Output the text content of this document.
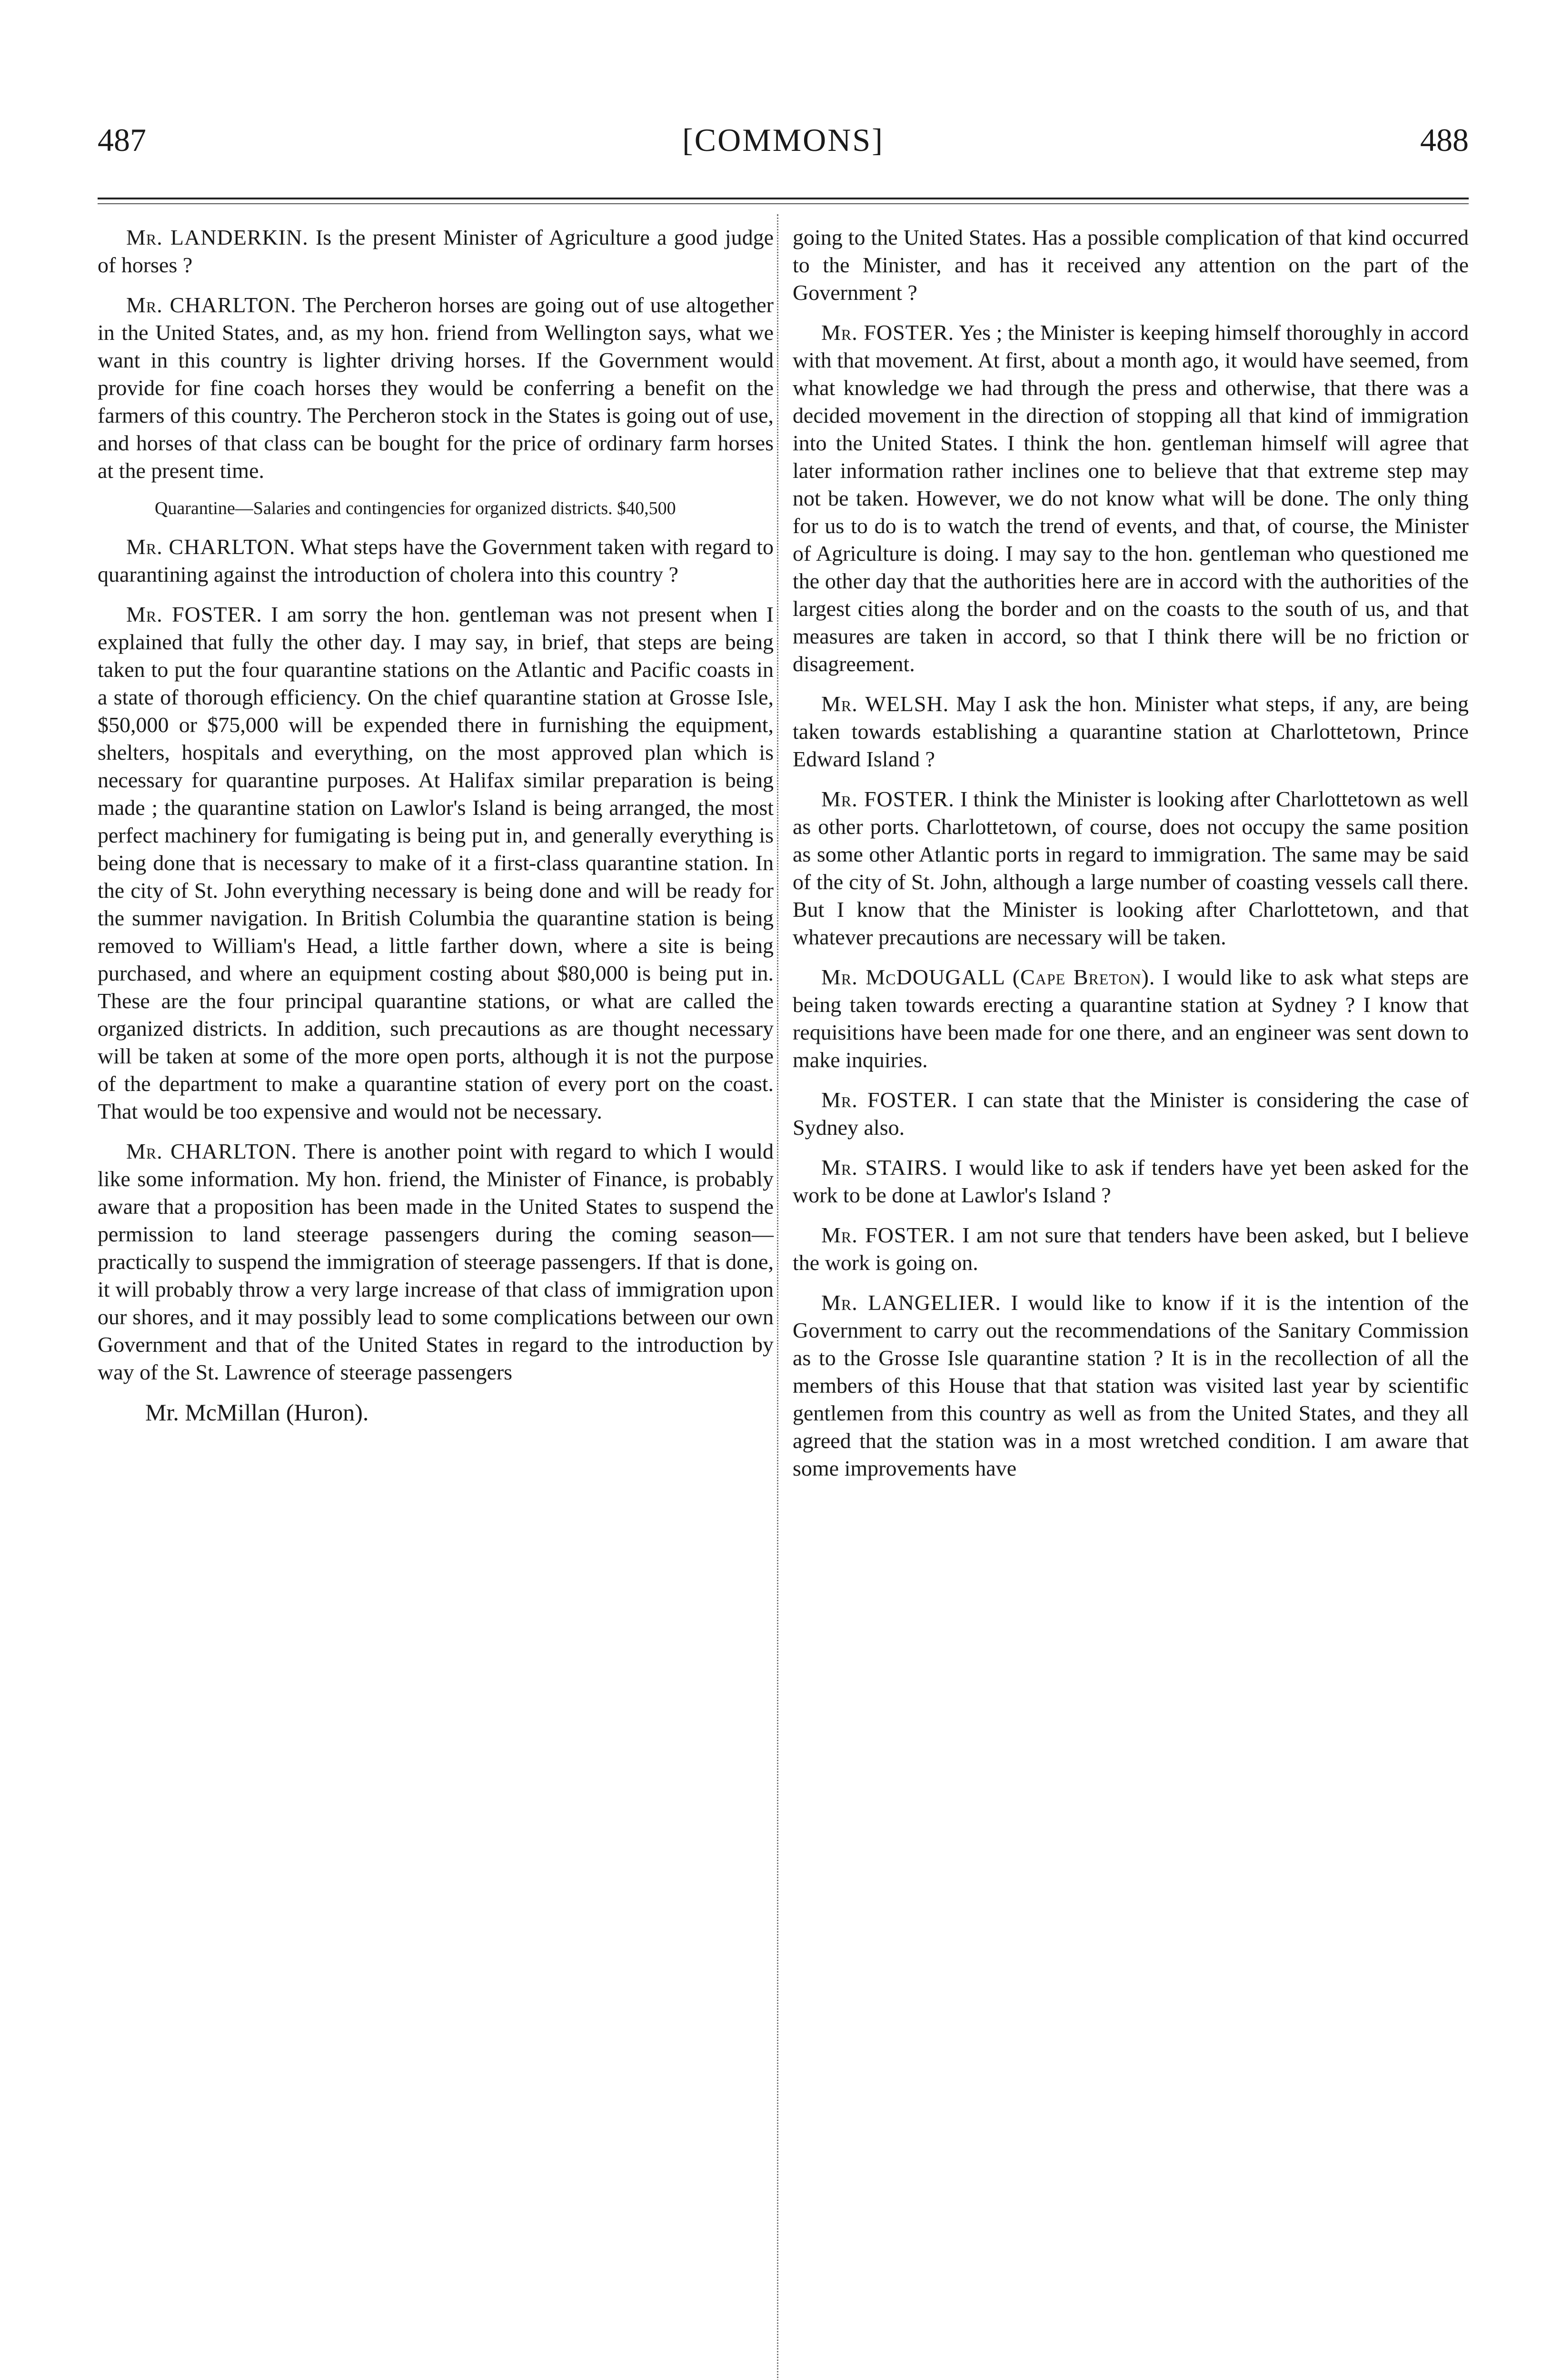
487	[COMMONS]	488

Mr. LANDERKIN. Is the present Minister of Agriculture a good judge of horses ?

Mr. CHARLTON. The Percheron horses are going out of use altogether in the United States, and, as my hon. friend from Wellington says, what we want in this country is lighter driving horses. If the Government would provide for fine coach horses they would be conferring a benefit on the farmers of this country. The Percheron stock in the States is going out of use, and horses of that class can be bought for the price of ordinary farm horses at the present time.

Quarantine—Salaries and contingencies for organized districts. $40,500

Mr. CHARLTON. What steps have the Government taken with regard to quarantining against the introduction of cholera into this country ?

Mr. FOSTER. I am sorry the hon. gentleman was not present when I explained that fully the other day. I may say, in brief, that steps are being taken to put the four quarantine stations on the Atlantic and Pacific coasts in a state of thorough efficiency. On the chief quarantine station at Grosse Isle, $50,000 or $75,000 will be expended there in furnishing the equipment, shelters, hospitals and everything, on the most approved plan which is necessary for quarantine purposes. At Halifax similar preparation is being made ; the quarantine station on Lawlor's Island is being arranged, the most perfect machinery for fumigating is being put in, and generally everything is being done that is necessary to make of it a first-class quarantine station. In the city of St. John everything necessary is being done and will be ready for the summer navigation. In British Columbia the quarantine station is being removed to William's Head, a little farther down, where a site is being purchased, and where an equipment costing about $80,000 is being put in. These are the four principal quarantine stations, or what are called the organized districts. In addition, such precautions as are thought necessary will be taken at some of the more open ports, although it is not the purpose of the department to make a quarantine station of every port on the coast. That would be too expensive and would not be necessary.

Mr. CHARLTON. There is another point with regard to which I would like some information. My hon. friend, the Minister of Finance, is probably aware that a proposition has been made in the United States to suspend the permission to land steerage passengers during the coming season—practically to suspend the immigration of steerage passengers. If that is done, it will probably throw a very large increase of that class of immigration upon our shores, and it may possibly lead to some complications between our own Government and that of the United States in regard to the introduction by way of the St. Lawrence of steerage passengers

Mr. McMillan (Huron).

going to the United States. Has a possible complication of that kind occurred to the Minister, and has it received any attention on the part of the Government ?

Mr. FOSTER. Yes ; the Minister is keeping himself thoroughly in accord with that movement. At first, about a month ago, it would have seemed, from what knowledge we had through the press and otherwise, that there was a decided movement in the direction of stopping all that kind of immigration into the United States. I think the hon. gentleman himself will agree that later information rather inclines one to believe that that extreme step may not be taken. However, we do not know what will be done. The only thing for us to do is to watch the trend of events, and that, of course, the Minister of Agriculture is doing. I may say to the hon. gentleman who questioned me the other day that the authorities here are in accord with the authorities of the largest cities along the border and on the coasts to the south of us, and that measures are taken in accord, so that I think there will be no friction or disagreement.

Mr. WELSH. May I ask the hon. Minister what steps, if any, are being taken towards establishing a quarantine station at Charlottetown, Prince Edward Island ?

Mr. FOSTER. I think the Minister is looking after Charlottetown as well as other ports. Charlottetown, of course, does not occupy the same position as some other Atlantic ports in regard to immigration. The same may be said of the city of St. John, although a large number of coasting vessels call there. But I know that the Minister is looking after Charlottetown, and that whatever precautions are necessary will be taken.

Mr. McDOUGALL (Cape Breton). I would like to ask what steps are being taken towards erecting a quarantine station at Sydney ? I know that requisitions have been made for one there, and an engineer was sent down to make inquiries.

Mr. FOSTER. I can state that the Minister is considering the case of Sydney also.

Mr. STAIRS. I would like to ask if tenders have yet been asked for the work to be done at Lawlor's Island ?

Mr. FOSTER. I am not sure that tenders have been asked, but I believe the work is going on.

Mr. LANGELIER. I would like to know if it is the intention of the Government to carry out the recommendations of the Sanitary Commission as to the Grosse Isle quarantine station ? It is in the recollection of all the members of this House that that station was visited last year by scientific gentlemen from this country as well as from the United States, and they all agreed that the station was in a most wretched condition. I am aware that some improvements have
